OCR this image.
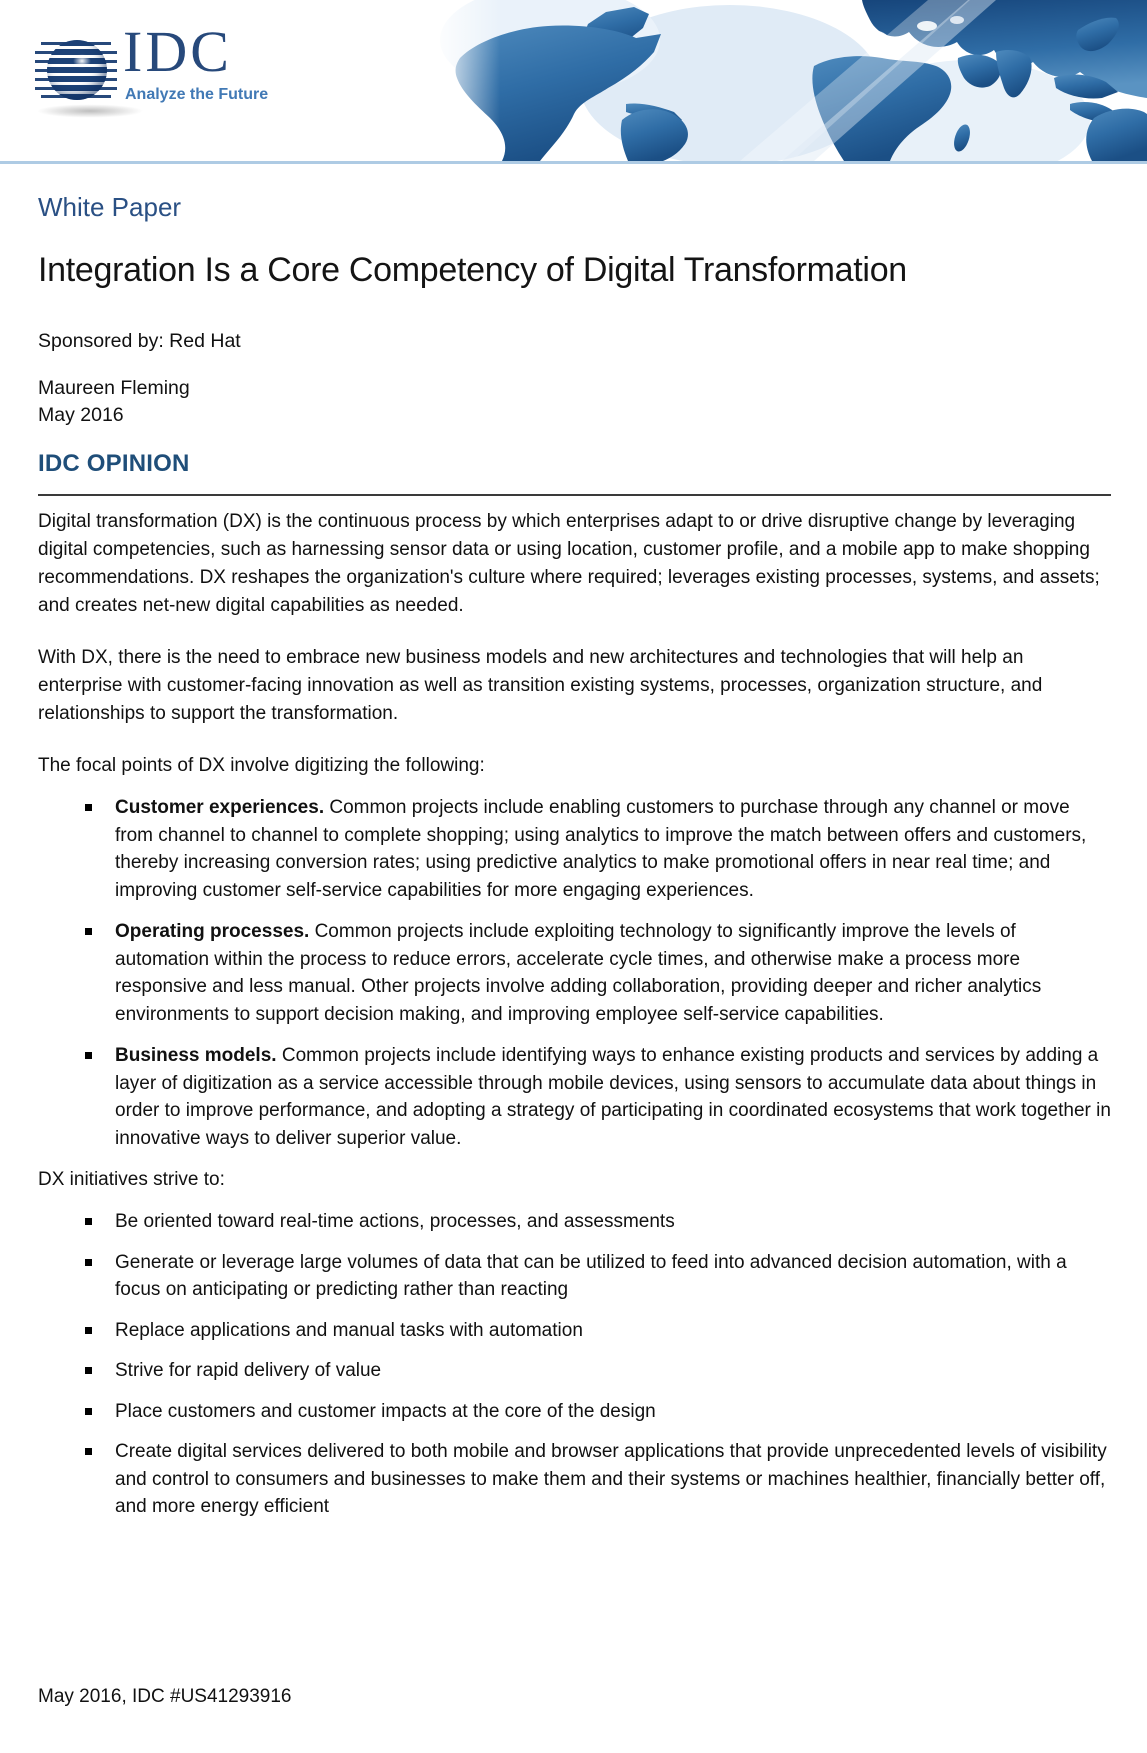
IDC
Analyze the Future
White Paper
Integration Is a Core Competency of Digital Transformation
Sponsored by: Red Hat
Maureen Fleming
May 2016
IDC OPINION

Digital transformation (DX) is the continuous process by which enterprises adapt to or drive disruptive change by leveraging digital competencies, such as harnessing sensor data or using location, customer profile, and a mobile app to make shopping recommendations. DX reshapes the organization's culture where required; leverages existing processes, systems, and assets; and creates net-new digital capabilities as needed.

With DX, there is the need to embrace new business models and new architectures and technologies that will help an enterprise with customer-facing innovation as well as transition existing systems, processes, organization structure, and relationships to support the transformation.

The focal points of DX involve digitizing the following:

Customer experiences. Common projects include enabling customers to purchase through any channel or move from channel to channel to complete shopping; using analytics to improve the match between offers and customers, thereby increasing conversion rates; using predictive analytics to make promotional offers in near real time; and improving customer self-service capabilities for more engaging experiences.
Operating processes. Common projects include exploiting technology to significantly improve the levels of automation within the process to reduce errors, accelerate cycle times, and otherwise make a process more responsive and less manual. Other projects involve adding collaboration, providing deeper and richer analytics environments to support decision making, and improving employee self-service capabilities.
Business models. Common projects include identifying ways to enhance existing products and services by adding a layer of digitization as a service accessible through mobile devices, using sensors to accumulate data about things in order to improve performance, and adopting a strategy of participating in coordinated ecosystems that work together in innovative ways to deliver superior value.

DX initiatives strive to:

Be oriented toward real-time actions, processes, and assessments
Generate or leverage large volumes of data that can be utilized to feed into advanced decision automation, with a focus on anticipating or predicting rather than reacting
Replace applications and manual tasks with automation
Strive for rapid delivery of value
Place customers and customer impacts at the core of the design
Create digital services delivered to both mobile and browser applications that provide unprecedented levels of visibility and control to consumers and businesses to make them and their systems or machines healthier, financially better off, and more energy efficient
May 2016, IDC #US41293916
